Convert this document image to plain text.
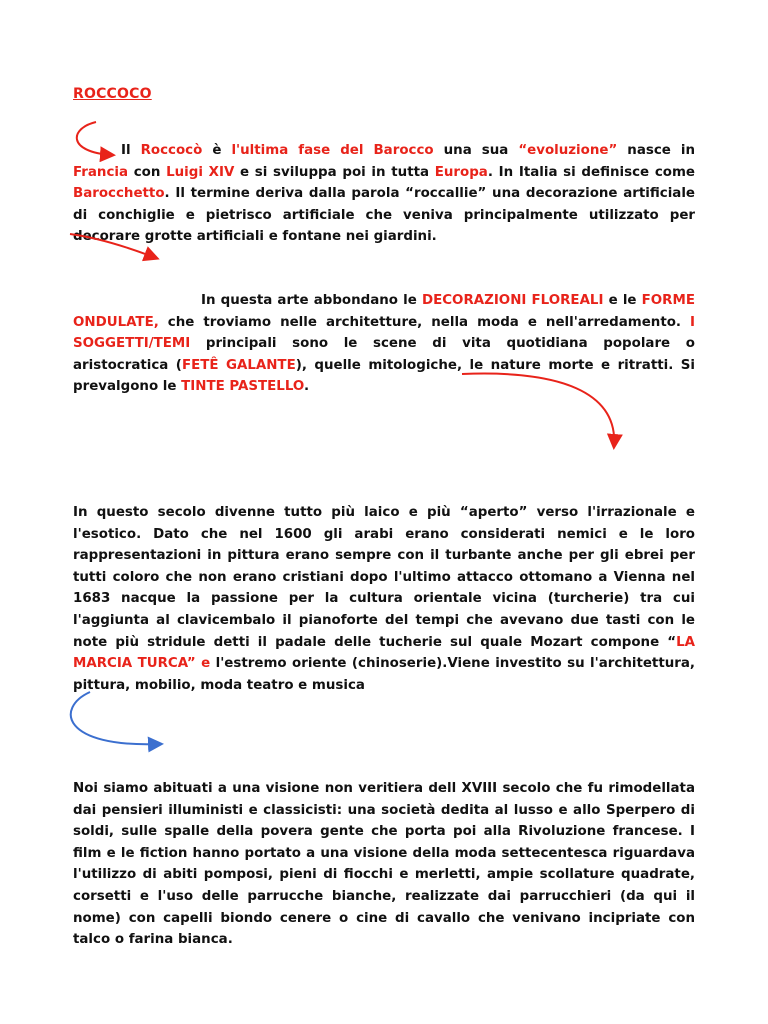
ROCCOCO

Il Roccocò è l'ultima fase del Barocco una sua “evoluzione” nasce in Francia con Luigi XIV e si sviluppa poi in tutta Europa. In Italia si definisce come Barocchetto. Il termine deriva dalla parola “roccallie” una decorazione artificiale di conchiglie e pietrisco artificiale che veniva principalmente utilizzato per decorare grotte artificiali e fontane nei giardini.

In questa arte abbondano le DECORAZIONI FLOREALI e le FORME ONDULATE, che troviamo nelle architetture, nella moda e nell'arredamento. I SOGGETTI/TEMI principali sono le scene di vita quotidiana popolare o aristocratica (FETÊ GALANTE), quelle mitologiche, le nature morte e ritratti. Si prevalgono le TINTE PASTELLO.

In questo secolo divenne tutto più laico e più “aperto” verso l'irrazionale e l'esotico. Dato che nel 1600 gli arabi erano considerati nemici e le loro rappresentazioni in pittura erano sempre con il turbante anche per gli ebrei per tutti coloro che non erano cristiani dopo l'ultimo attacco ottomano a Vienna nel 1683 nacque la passione per la cultura orientale vicina (turcherie) tra cui l'aggiunta al clavicembalo il pianoforte del tempi che avevano due tasti con le note più stridule detti il padale delle tucherie sul quale Mozart compone “LA MARCIA TURCA” e l'estremo oriente (chinoserie).Viene investito su l'architettura, pittura, mobilio, moda teatro e musica

Noi siamo abituati a una visione non veritiera dell XVIII secolo che fu rimodellata dai pensieri illuministi e classicisti: una società dedita al lusso e allo Sperpero di soldi, sulle spalle della povera gente che porta poi alla Rivoluzione francese. I film e le fiction hanno portato a una visione della moda settecentesca riguardava l'utilizzo di abiti pomposi, pieni di fiocchi e merletti, ampie scollature quadrate, corsetti e l'uso delle parrucche bianche, realizzate dai parrucchieri (da qui il nome) con capelli biondo cenere o cine di cavallo che venivano incipriate con talco o farina bianca.
